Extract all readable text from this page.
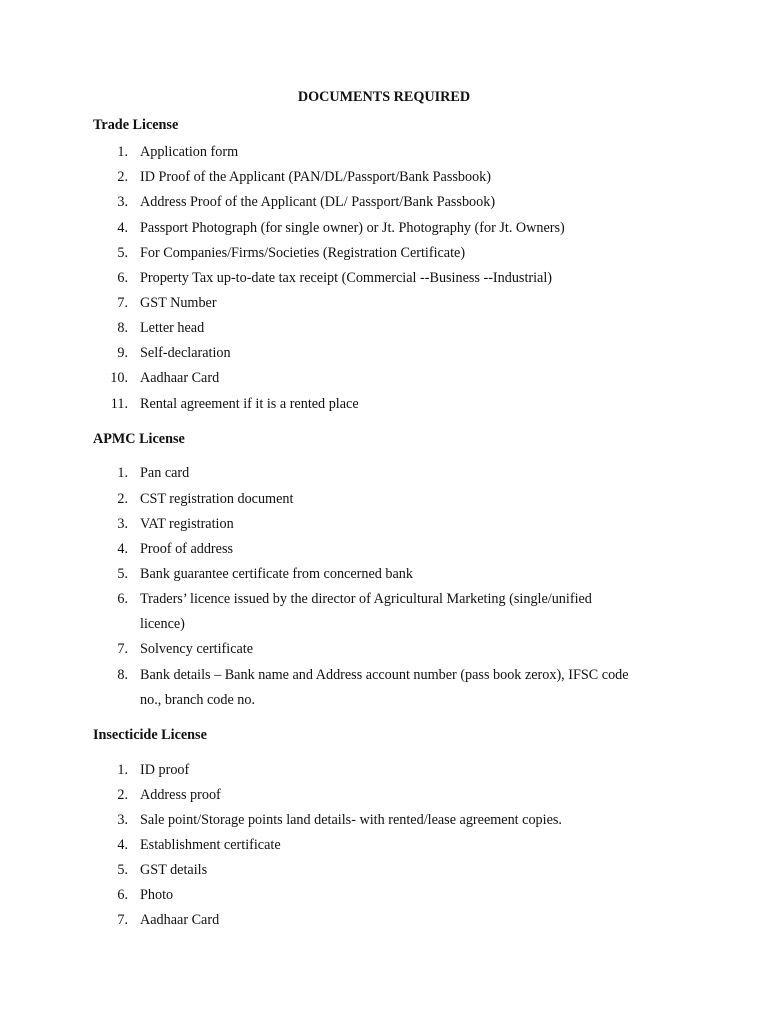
DOCUMENTS REQUIRED
Trade License
1. Application form
2. ID Proof of the Applicant (PAN/DL/Passport/Bank Passbook)
3. Address Proof of the Applicant (DL/ Passport/Bank Passbook)
4. Passport Photograph (for single owner) or Jt. Photography (for Jt. Owners)
5. For Companies/Firms/Societies (Registration Certificate)
6. Property Tax up-to-date tax receipt (Commercial --Business --Industrial)
7. GST Number
8. Letter head
9. Self-declaration
10. Aadhaar Card
11. Rental agreement if it is a rented place
APMC License
1. Pan card
2. CST registration document
3. VAT registration
4. Proof of address
5. Bank guarantee certificate from concerned bank
6. Traders’ licence issued by the director of Agricultural Marketing (single/unified
licence)
7. Solvency certificate
8. Bank details – Bank name and Address account number (pass book zerox), IFSC code
no., branch code no.
Insecticide License
1. ID proof
2. Address proof
3. Sale point/Storage points land details- with rented/lease agreement copies.
4. Establishment certificate
5. GST details
6. Photo
7. Aadhaar Card
